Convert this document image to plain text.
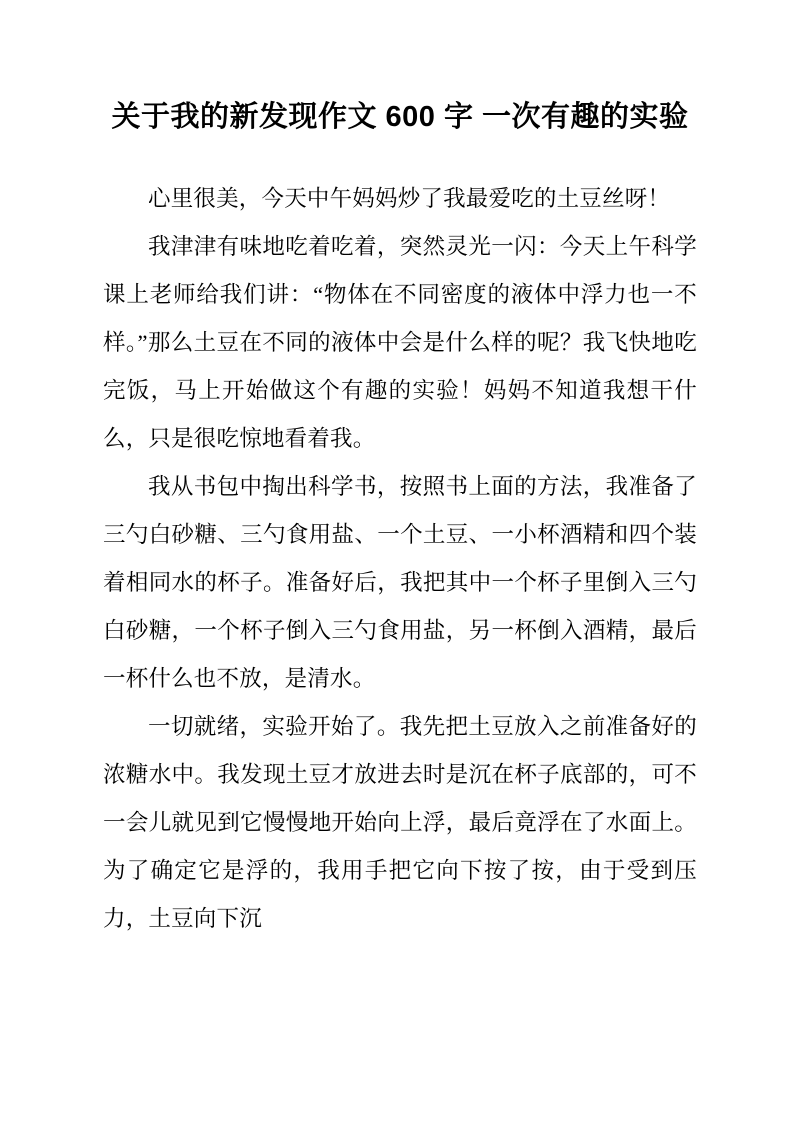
关于我的新发现作文 600 字 一次有趣的实验

心里很美，今天中午妈妈炒了我最爱吃的土豆丝呀！

我津津有味地吃着吃着，突然灵光一闪：今天上午科学课上老师给我们讲：“物体在不同密度的液体中浮力也一不样。”那么土豆在不同的液体中会是什么样的呢？我飞快地吃完饭，马上开始做这个有趣的实验！妈妈不知道我想干什么，只是很吃惊地看着我。

我从书包中掏出科学书，按照书上面的方法，我准备了三勺白砂糖、三勺食用盐、一个土豆、一小杯酒精和四个装着相同水的杯子。准备好后，我把其中一个杯子里倒入三勺白砂糖，一个杯子倒入三勺食用盐，另一杯倒入酒精，最后一杯什么也不放，是清水。

一切就绪，实验开始了。我先把土豆放入之前准备好的浓糖水中。我发现土豆才放进去时是沉在杯子底部的，可不一会儿就见到它慢慢地开始向上浮，最后竟浮在了水面上。为了确定它是浮的，我用手把它向下按了按，由于受到压力，土豆向下沉
